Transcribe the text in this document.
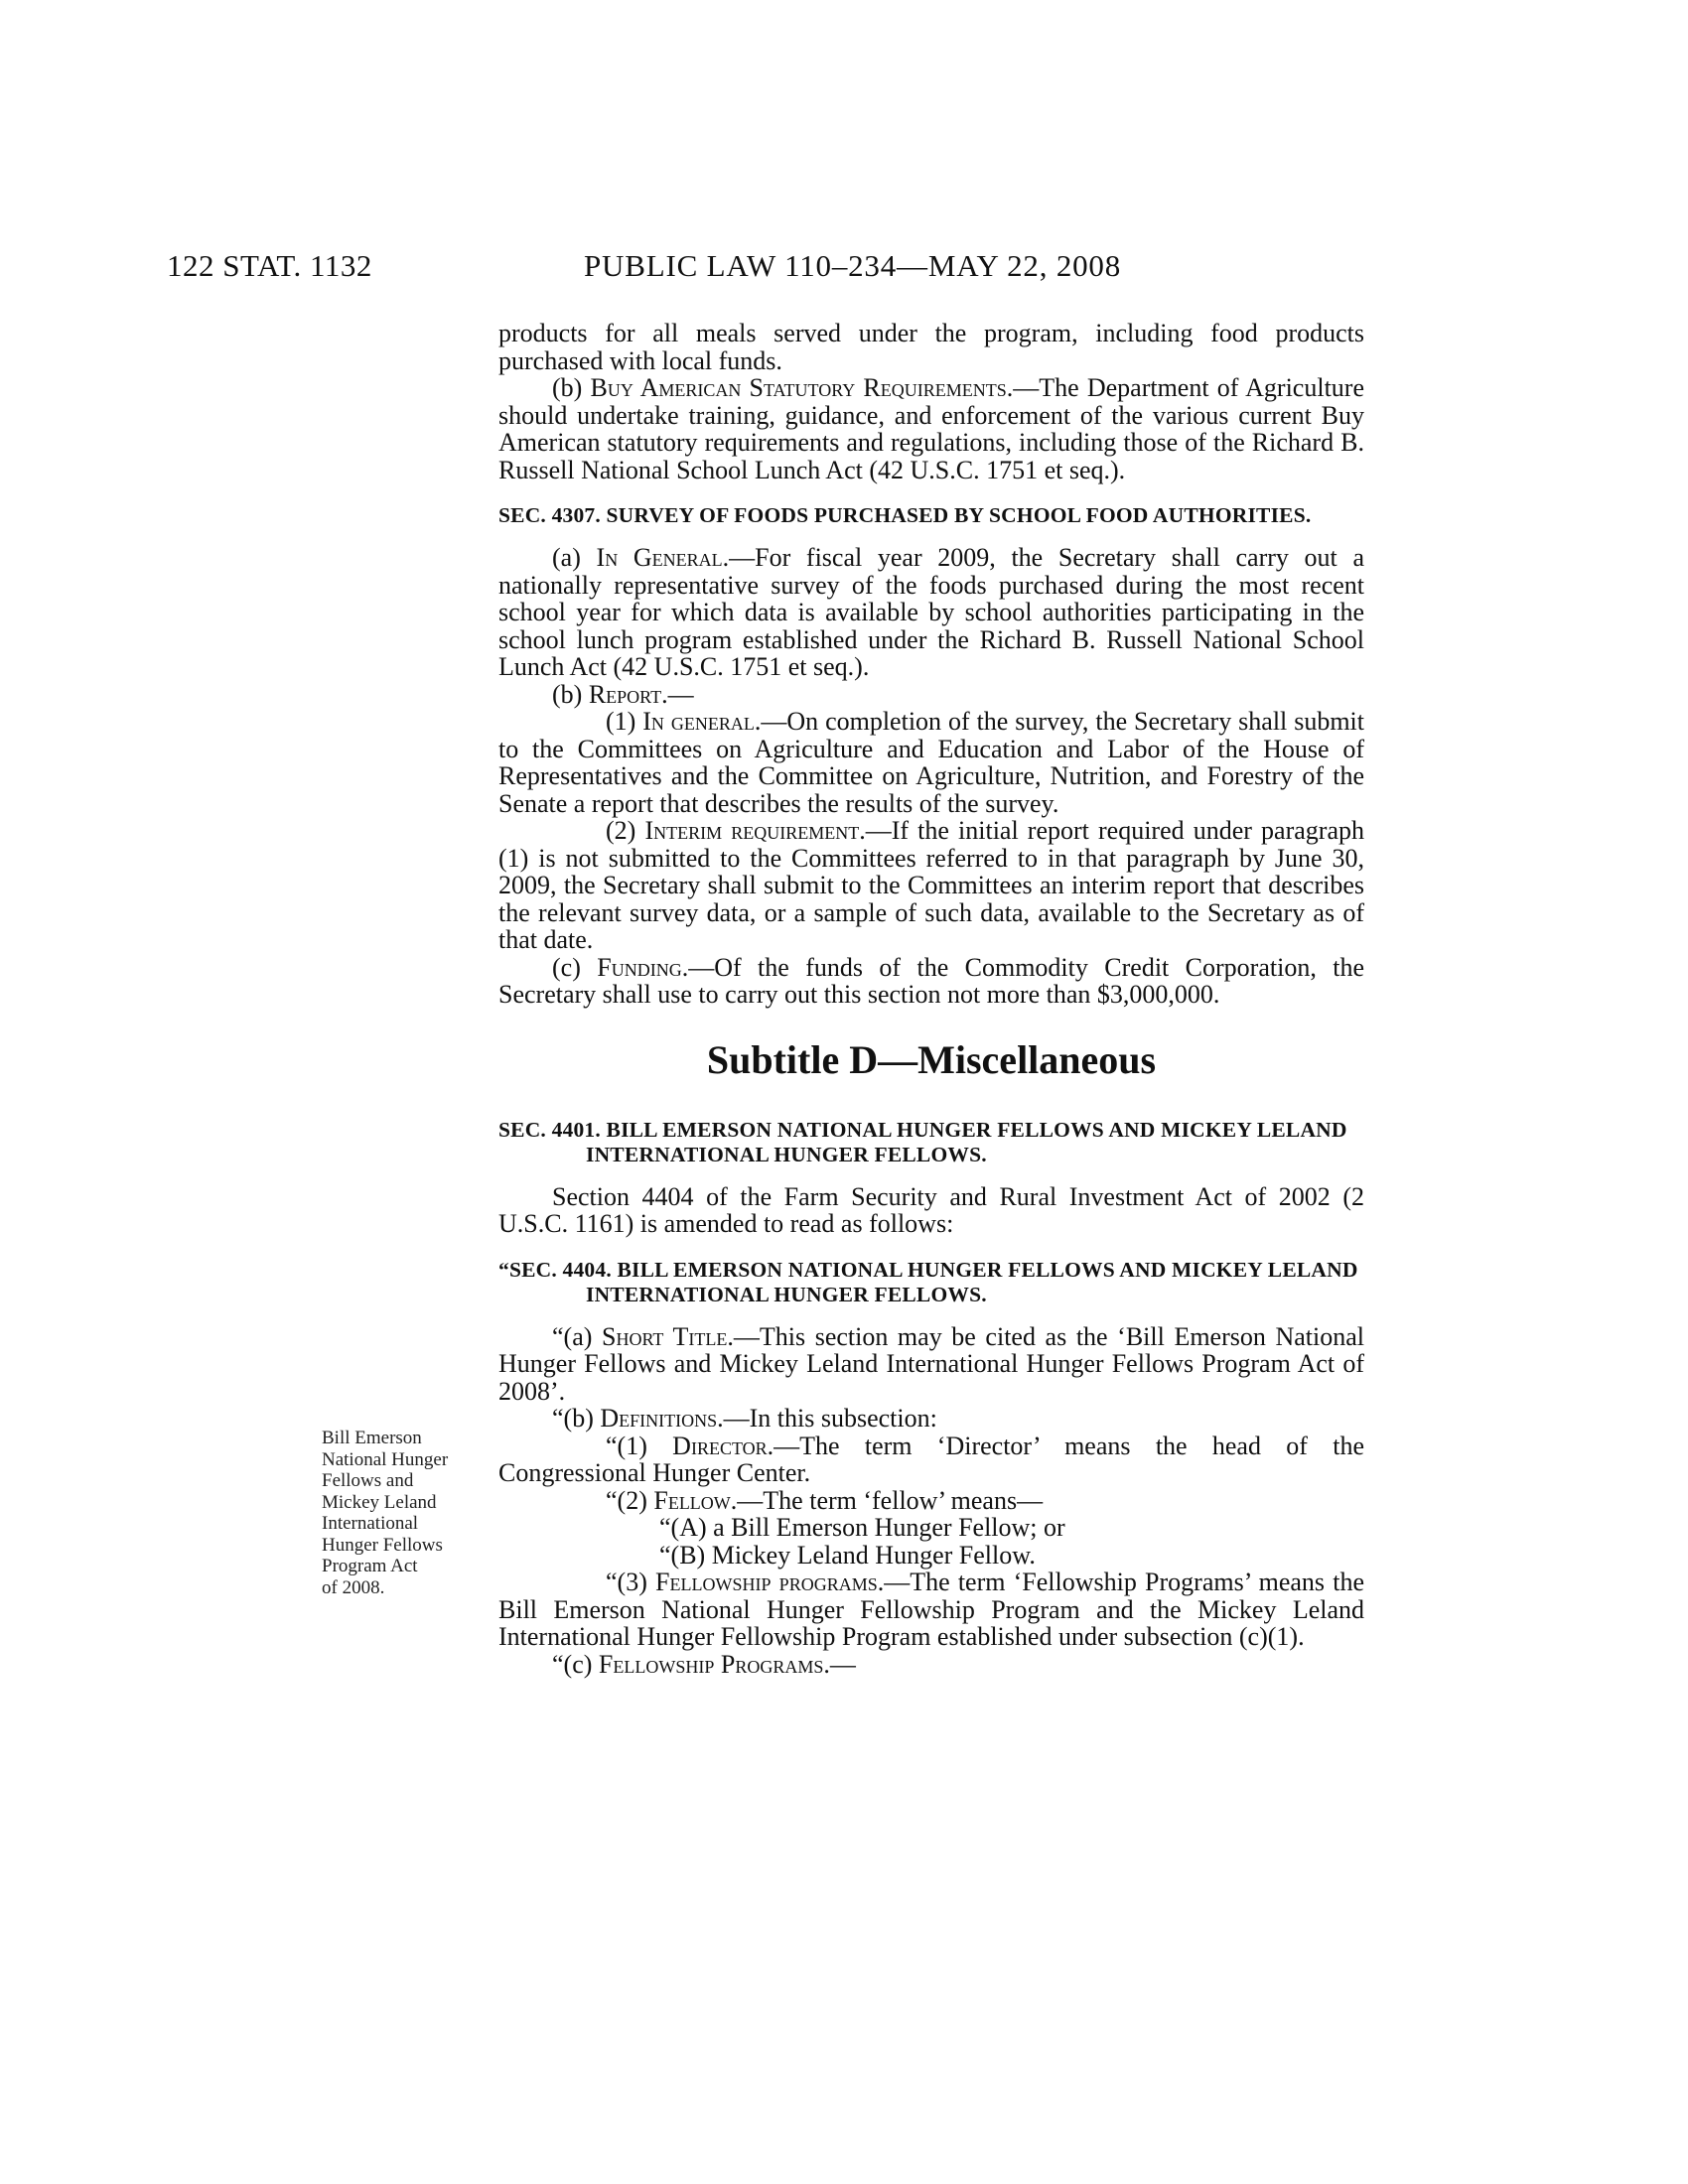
122 STAT. 1132	PUBLIC LAW 110–234—MAY 22, 2008
Bill Emerson
National Hunger
Fellows and
Mickey Leland
International
Hunger Fellows
Program Act
of 2008.

products for all meals served under the program, including food products purchased with local funds.

(b) Buy American Statutory Requirements.—The Department of Agriculture should undertake training, guidance, and enforcement of the various current Buy American statutory requirements and regulations, including those of the Richard B. Russell National School Lunch Act (42 U.S.C. 1751 et seq.).

SEC. 4307. SURVEY OF FOODS PURCHASED BY SCHOOL FOOD AUTHORITIES.

(a) In General.—For fiscal year 2009, the Secretary shall carry out a nationally representative survey of the foods purchased during the most recent school year for which data is available by school authorities participating in the school lunch program established under the Richard B. Russell National School Lunch Act (42 U.S.C. 1751 et seq.).

(b) Report.—

(1) In general.—On completion of the survey, the Secretary shall submit to the Committees on Agriculture and Education and Labor of the House of Representatives and the Committee on Agriculture, Nutrition, and Forestry of the Senate a report that describes the results of the survey.

(2) Interim requirement.—If the initial report required under paragraph (1) is not submitted to the Committees referred to in that paragraph by June 30, 2009, the Secretary shall submit to the Committees an interim report that describes the relevant survey data, or a sample of such data, available to the Secretary as of that date.

(c) Funding.—Of the funds of the Commodity Credit Corporation, the Secretary shall use to carry out this section not more than $3,000,000.

Subtitle D—Miscellaneous

SEC. 4401. BILL EMERSON NATIONAL HUNGER FELLOWS AND MICKEY LELAND INTERNATIONAL HUNGER FELLOWS.

Section 4404 of the Farm Security and Rural Investment Act of 2002 (2 U.S.C. 1161) is amended to read as follows:

“SEC. 4404. BILL EMERSON NATIONAL HUNGER FELLOWS AND MICKEY LELAND INTERNATIONAL HUNGER FELLOWS.

“(a) Short Title.—This section may be cited as the ‘Bill Emerson National Hunger Fellows and Mickey Leland International Hunger Fellows Program Act of 2008’.

“(b) Definitions.—In this subsection:

“(1) Director.—The term ‘Director’ means the head of the Congressional Hunger Center.

“(2) Fellow.—The term ‘fellow’ means—

“(A) a Bill Emerson Hunger Fellow; or

“(B) Mickey Leland Hunger Fellow.

“(3) Fellowship programs.—The term ‘Fellowship Programs’ means the Bill Emerson National Hunger Fellowship Program and the Mickey Leland International Hunger Fellowship Program established under subsection (c)(1).

“(c) Fellowship Programs.—
